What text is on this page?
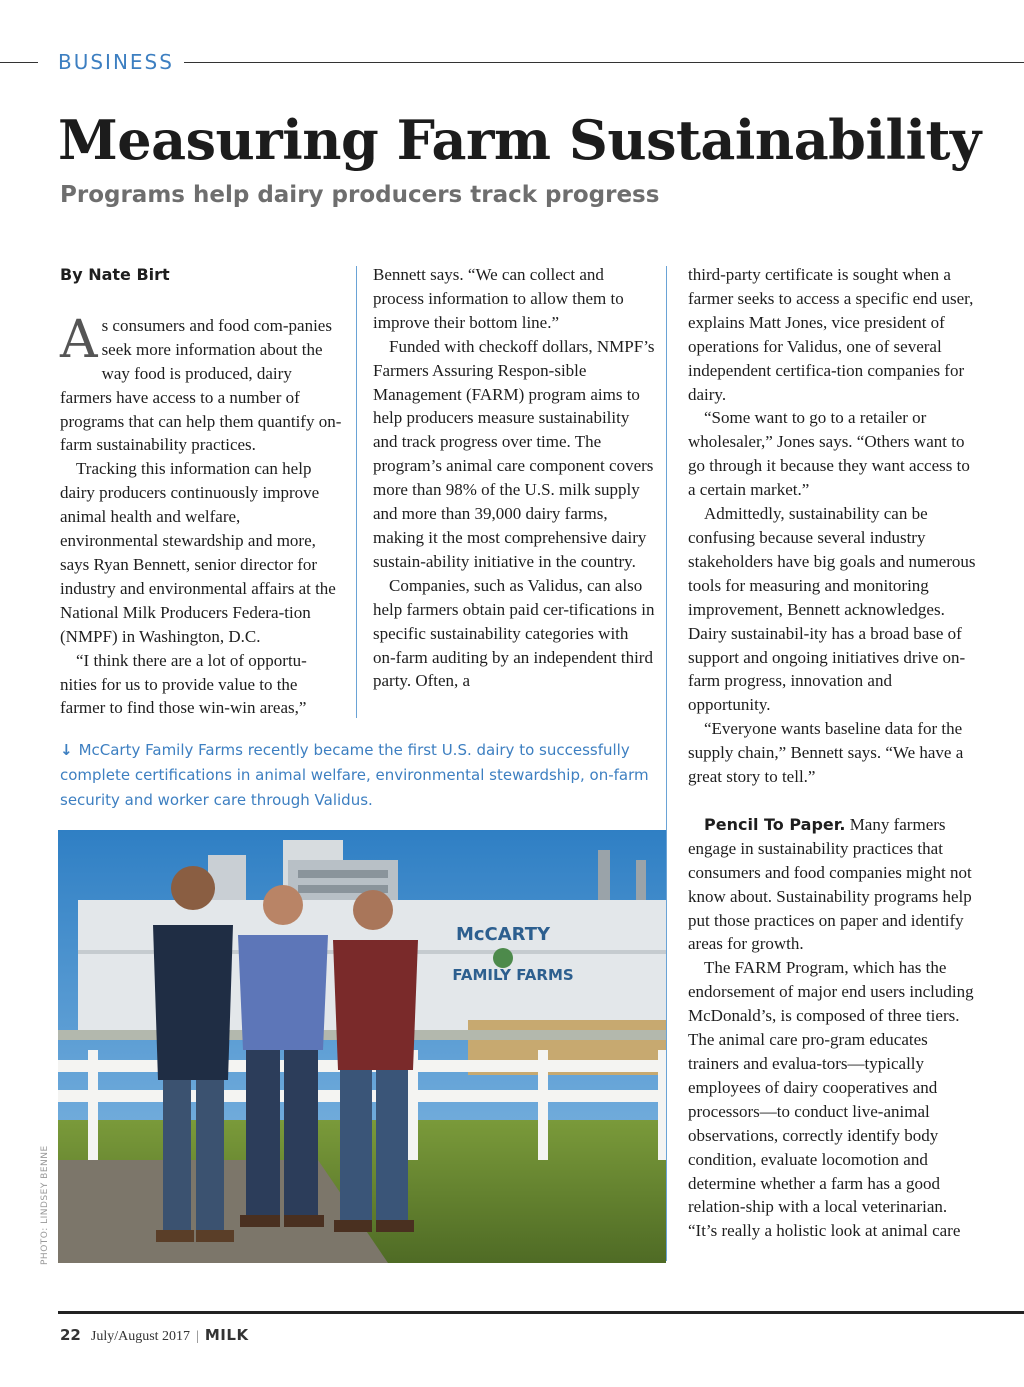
BUSINESS
Measuring Farm Sustainability
Programs help dairy producers track progress

By Nate Birt

As consumers and food com-panies seek more information about the way food is produced, dairy farmers have access to a number of programs that can help them quantify on-farm sustainability practices.

Tracking this information can help dairy producers continuously improve animal health and welfare, environmental stewardship and more, says Ryan Bennett, senior director for industry and environmental affairs at the National Milk Producers Federa-tion (NMPF) in Washington, D.C.

“I think there are a lot of opportu-nities for us to provide value to the farmer to find those win-win areas,”

Bennett says. “We can collect and process information to allow them to improve their bottom line.”

Funded with checkoff dollars, NMPF’s Farmers Assuring Respon-sible Management (FARM) program aims to help producers measure sustainability and track progress over time. The program’s animal care component covers more than 98% of the U.S. milk supply and more than 39,000 dairy farms, making it the most comprehensive dairy sustain-ability initiative in the country.

Companies, such as Validus, can also help farmers obtain paid cer-tifications in specific sustainability categories with on-farm auditing by an independent third party. Often, a

third-party certificate is sought when a farmer seeks to access a specific end user, explains Matt Jones, vice president of operations for Validus, one of several independent certifica-tion companies for dairy.

“Some want to go to a retailer or wholesaler,” Jones says. “Others want to go through it because they want access to a certain market.”

Admittedly, sustainability can be confusing because several industry stakeholders have big goals and numerous tools for measuring and monitoring improvement, Bennett acknowledges. Dairy sustainabil-ity has a broad base of support and ongoing initiatives drive on-farm progress, innovation and opportunity.

“Everyone wants baseline data for the supply chain,” Bennett says. “We have a great story to tell.”

Pencil To Paper. Many farmers engage in sustainability practices that consumers and food companies might not know about. Sustainability programs help put those practices on paper and identify areas for growth.

The FARM Program, which has the endorsement of major end users including McDonald’s, is composed of three tiers. The animal care pro-gram educates trainers and evalua-tors—typically employees of dairy cooperatives and processors—to conduct live-animal observations, correctly identify body condition, evaluate locomotion and determine whether a farm has a good relation-ship with a local veterinarian. “It’s really a holistic look at animal care

↓ McCarty Family Farms recently became the first U.S. dairy to successfully complete certifications in animal welfare, environmental stewardship, on-farm security and worker care through Validus.

McCARTY
FAMILY FARMS
PHOTO: LINDSEY BENNE
22 July/August 2017 | MILK
